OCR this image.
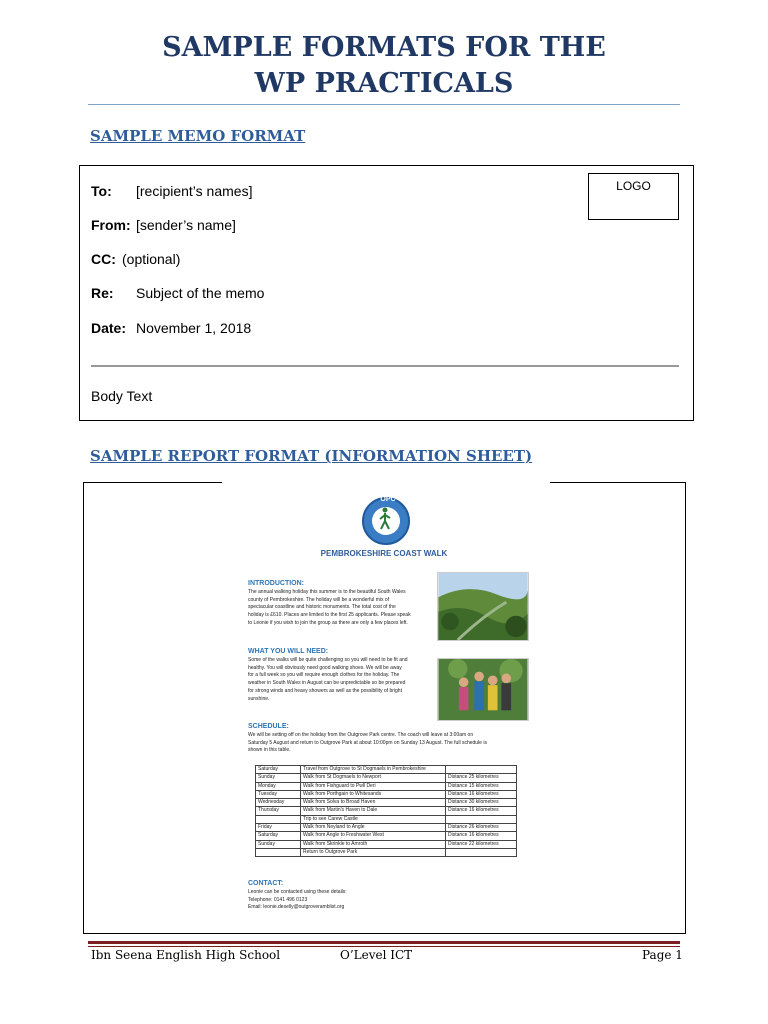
SAMPLE FORMATS FOR THE
WP PRACTICALS
SAMPLE MEMO FORMAT
LOGO
To: [recipient’s names]
From: [sender’s name]
CC: (optional)
Re: Subject of the memo
Date: November 1, 2018
Body Text
SAMPLE REPORT FORMAT (INFORMATION SHEET)
OPC
PEMBROKESHIRE COAST WALK
INTRODUCTION:
The annual walking holiday this summer is to the beautiful South Wales
county of Pembrokeshire. The holiday will be a wonderful mix of
spectacular coastline and historic monuments. The total cost of the
holiday is £610. Places are limited to the first 25 applicants. Please speak
to Leonie if you wish to join the group as there are only a few places left.
WHAT YOU WILL NEED:
Some of the walks will be quite challenging so you will need to be fit and
healthy. You will obviously need good walking shoes. We will be away
for a full week so you will require enough clothes for the holiday. The
weather in South Wales in August can be unpredictable so be prepared
for strong winds and heavy showers as well as the possibility of bright
sunshine.
SCHEDULE:
We will be setting off on the holiday from the Outgrove Park centre. The coach will leave at 3:00am on
Saturday 5 August and return to Outgrove Park at about 10:00pm on Sunday 13 August. The full schedule is
shown in this table.
Saturday	Travel from Outgrove to St Dogmaels in Pembrokeshire	
Sunday	Walk from St Dogmaels to Newport	Distance 25 kilometres
Monday	Walk from Fishguard to Pwll Deri	Distance 15 kilometres
Tuesday	Walk from Porthgain to Whitesands	Distance 16 kilometres
Wednesday	Walk from Solva to Broad Haven	Distance 30 kilometres
Thursday	Walk from Martin's Haven to Dale	Distance 16 kilometres
	Trip to see Carew Castle	
Friday	Walk from Neyland to Angle	Distance 26 kilometres
Saturday	Walk from Angle to Freshwater West	Distance 16 kilometres
Sunday	Walk from Skrinkle to Amroth	Distance 22 kilometres
	Return to Outgrove Park	
CONTACT:
Leonie can be contacted using these details:
Telephone: 0141 496 0123
Email: leonie.deselly@outgroveramblist.org
Ibn Seena English High School	O’Level ICT	Page 1
